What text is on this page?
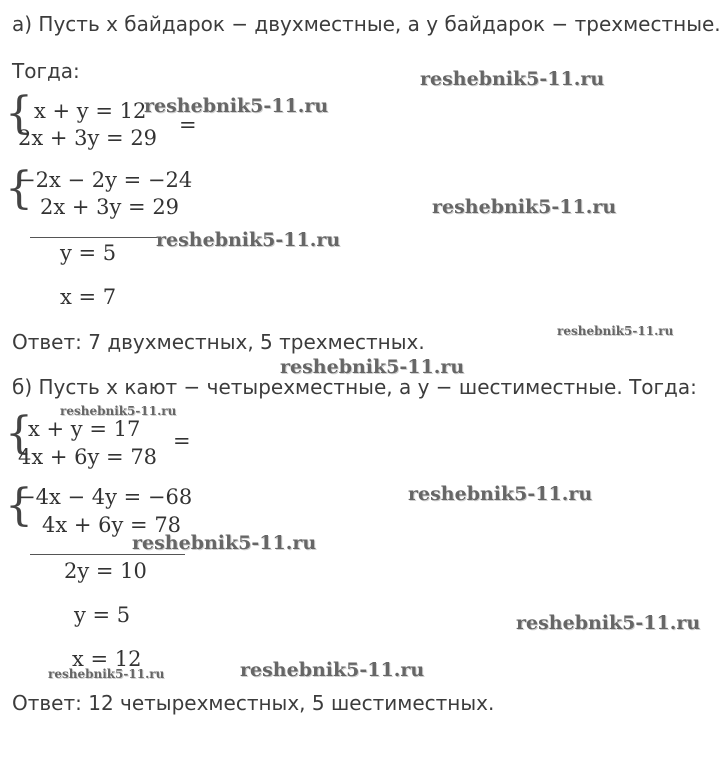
а) Пусть x байдарок − двухместные, а y байдарок − трехместные.
Тогда:
{ x + y = 12
2x + 3y = 29
=
{
−2x − 2y = −24
2x + 3y = 29
y = 5
x = 7
Ответ: 7 двухместных, 5 трехместных.
б) Пусть x кают − четырехместные, а y − шестиместные. Тогда:
{
x + y = 17
4x + 6y = 78
=
{
−4x − 4y = −68
4x + 6y = 78
2y = 10
y = 5
x = 12
Ответ: 12 четырехместных, 5 шестиместных.
reshebnik5-11.ru
reshebnik5-11.ru
reshebnik5-11.ru
reshebnik5-11.ru
reshebnik5-11.ru
reshebnik5-11.ru
reshebnik5-11.ru
reshebnik5-11.ru
reshebnik5-11.ru
reshebnik5-11.ru
reshebnik5-11.ru
reshebnik5-11.ru
